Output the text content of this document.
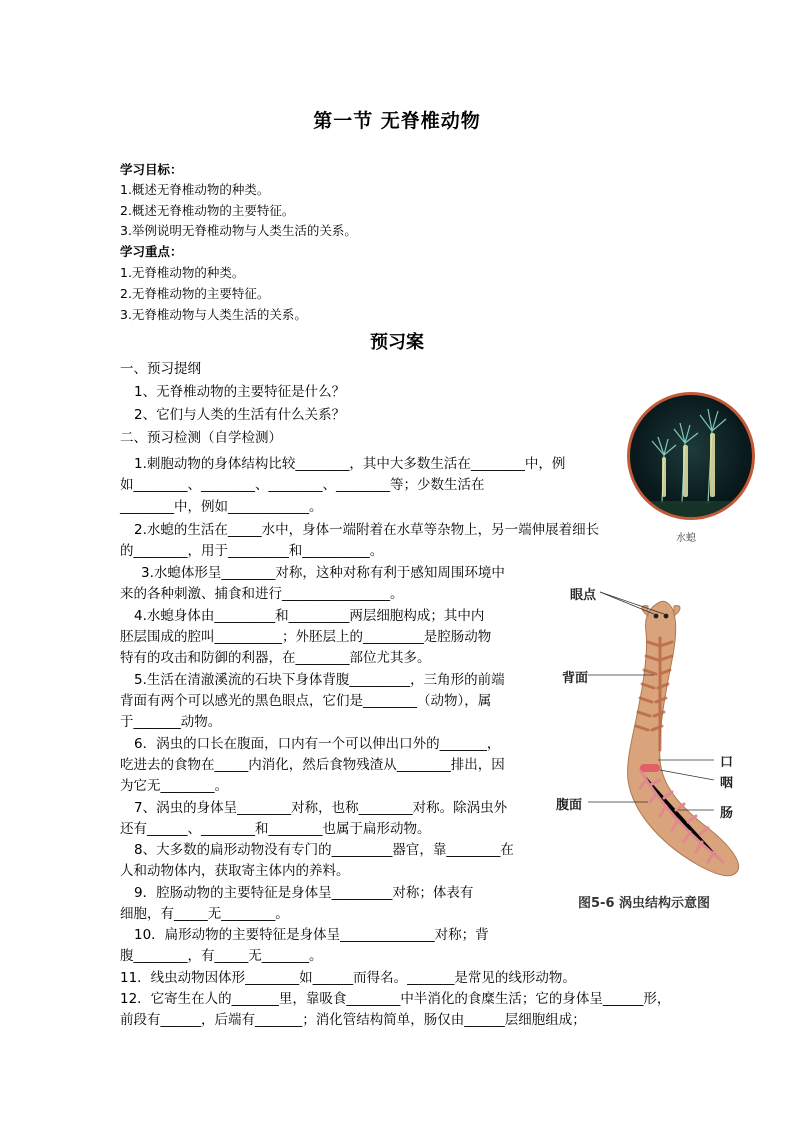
第一节 无脊椎动物
学习目标：
1.概述无脊椎动物的种类。
2.概述无脊椎动物的主要特征。
3.举例说明无脊椎动物与人类生活的关系。
学习重点：
1.无脊椎动物的种类。
2.无脊椎动物的主要特征。
3.无脊椎动物与人类生活的关系。
预习案
一、预习提纲
1、无脊椎动物的主要特征是什么？
2、它们与人类的生活有什么关系？
二、预习检测（自学检测）
1.刺胞动物的身体结构比较________，其中大多数生活在________中，例
如________、________、________、________等；少数生活在
________中，例如____________。
2.水螅的生活在_____水中，身体一端附着在水草等杂物上，另一端伸展着细长
的________，用于_________和__________。
3.水螅体形呈________对称，这种对称有利于感知周围环境中
来的各种刺激、捕食和进行________________。
4.水螅身体由_________和_________两层细胞构成；其中内
胚层围成的腔叫__________；外胚层上的_________是腔肠动物
特有的攻击和防御的利器，在________部位尤其多。
5.生活在清澈溪流的石块下身体背腹_________，三角形的前端
背面有两个可以感光的黑色眼点，它们是________（动物），属
于_______动物。
6．涡虫的口长在腹面，口内有一个可以伸出口外的_______，
吃进去的食物在_____内消化，然后食物残渣从________排出，因
为它无________。
7、涡虫的身体呈________对称，也称________对称。除涡虫外
还有______、________和________也属于扁形动物。
8、大多数的扁形动物没有专门的_________器官，靠________在
人和动物体内，获取寄主体内的养料。
9．腔肠动物的主要特征是身体呈_________对称；体表有
细胞，有_____无________。
10．扁形动物的主要特征是身体呈______________对称；背
腹________，有_____无_______。
11．线虫动物因体形________如______而得名。_______是常见的线形动物。
12．它寄生在人的_______里，靠吸食________中半消化的食糜生活；它的身体呈______形，
前段有______，后端有_______；消化管结构简单，肠仅由______层细胞组成；
水螅
眼点
背面
腹面
口
咽
肠
图5-6 涡虫结构示意图
